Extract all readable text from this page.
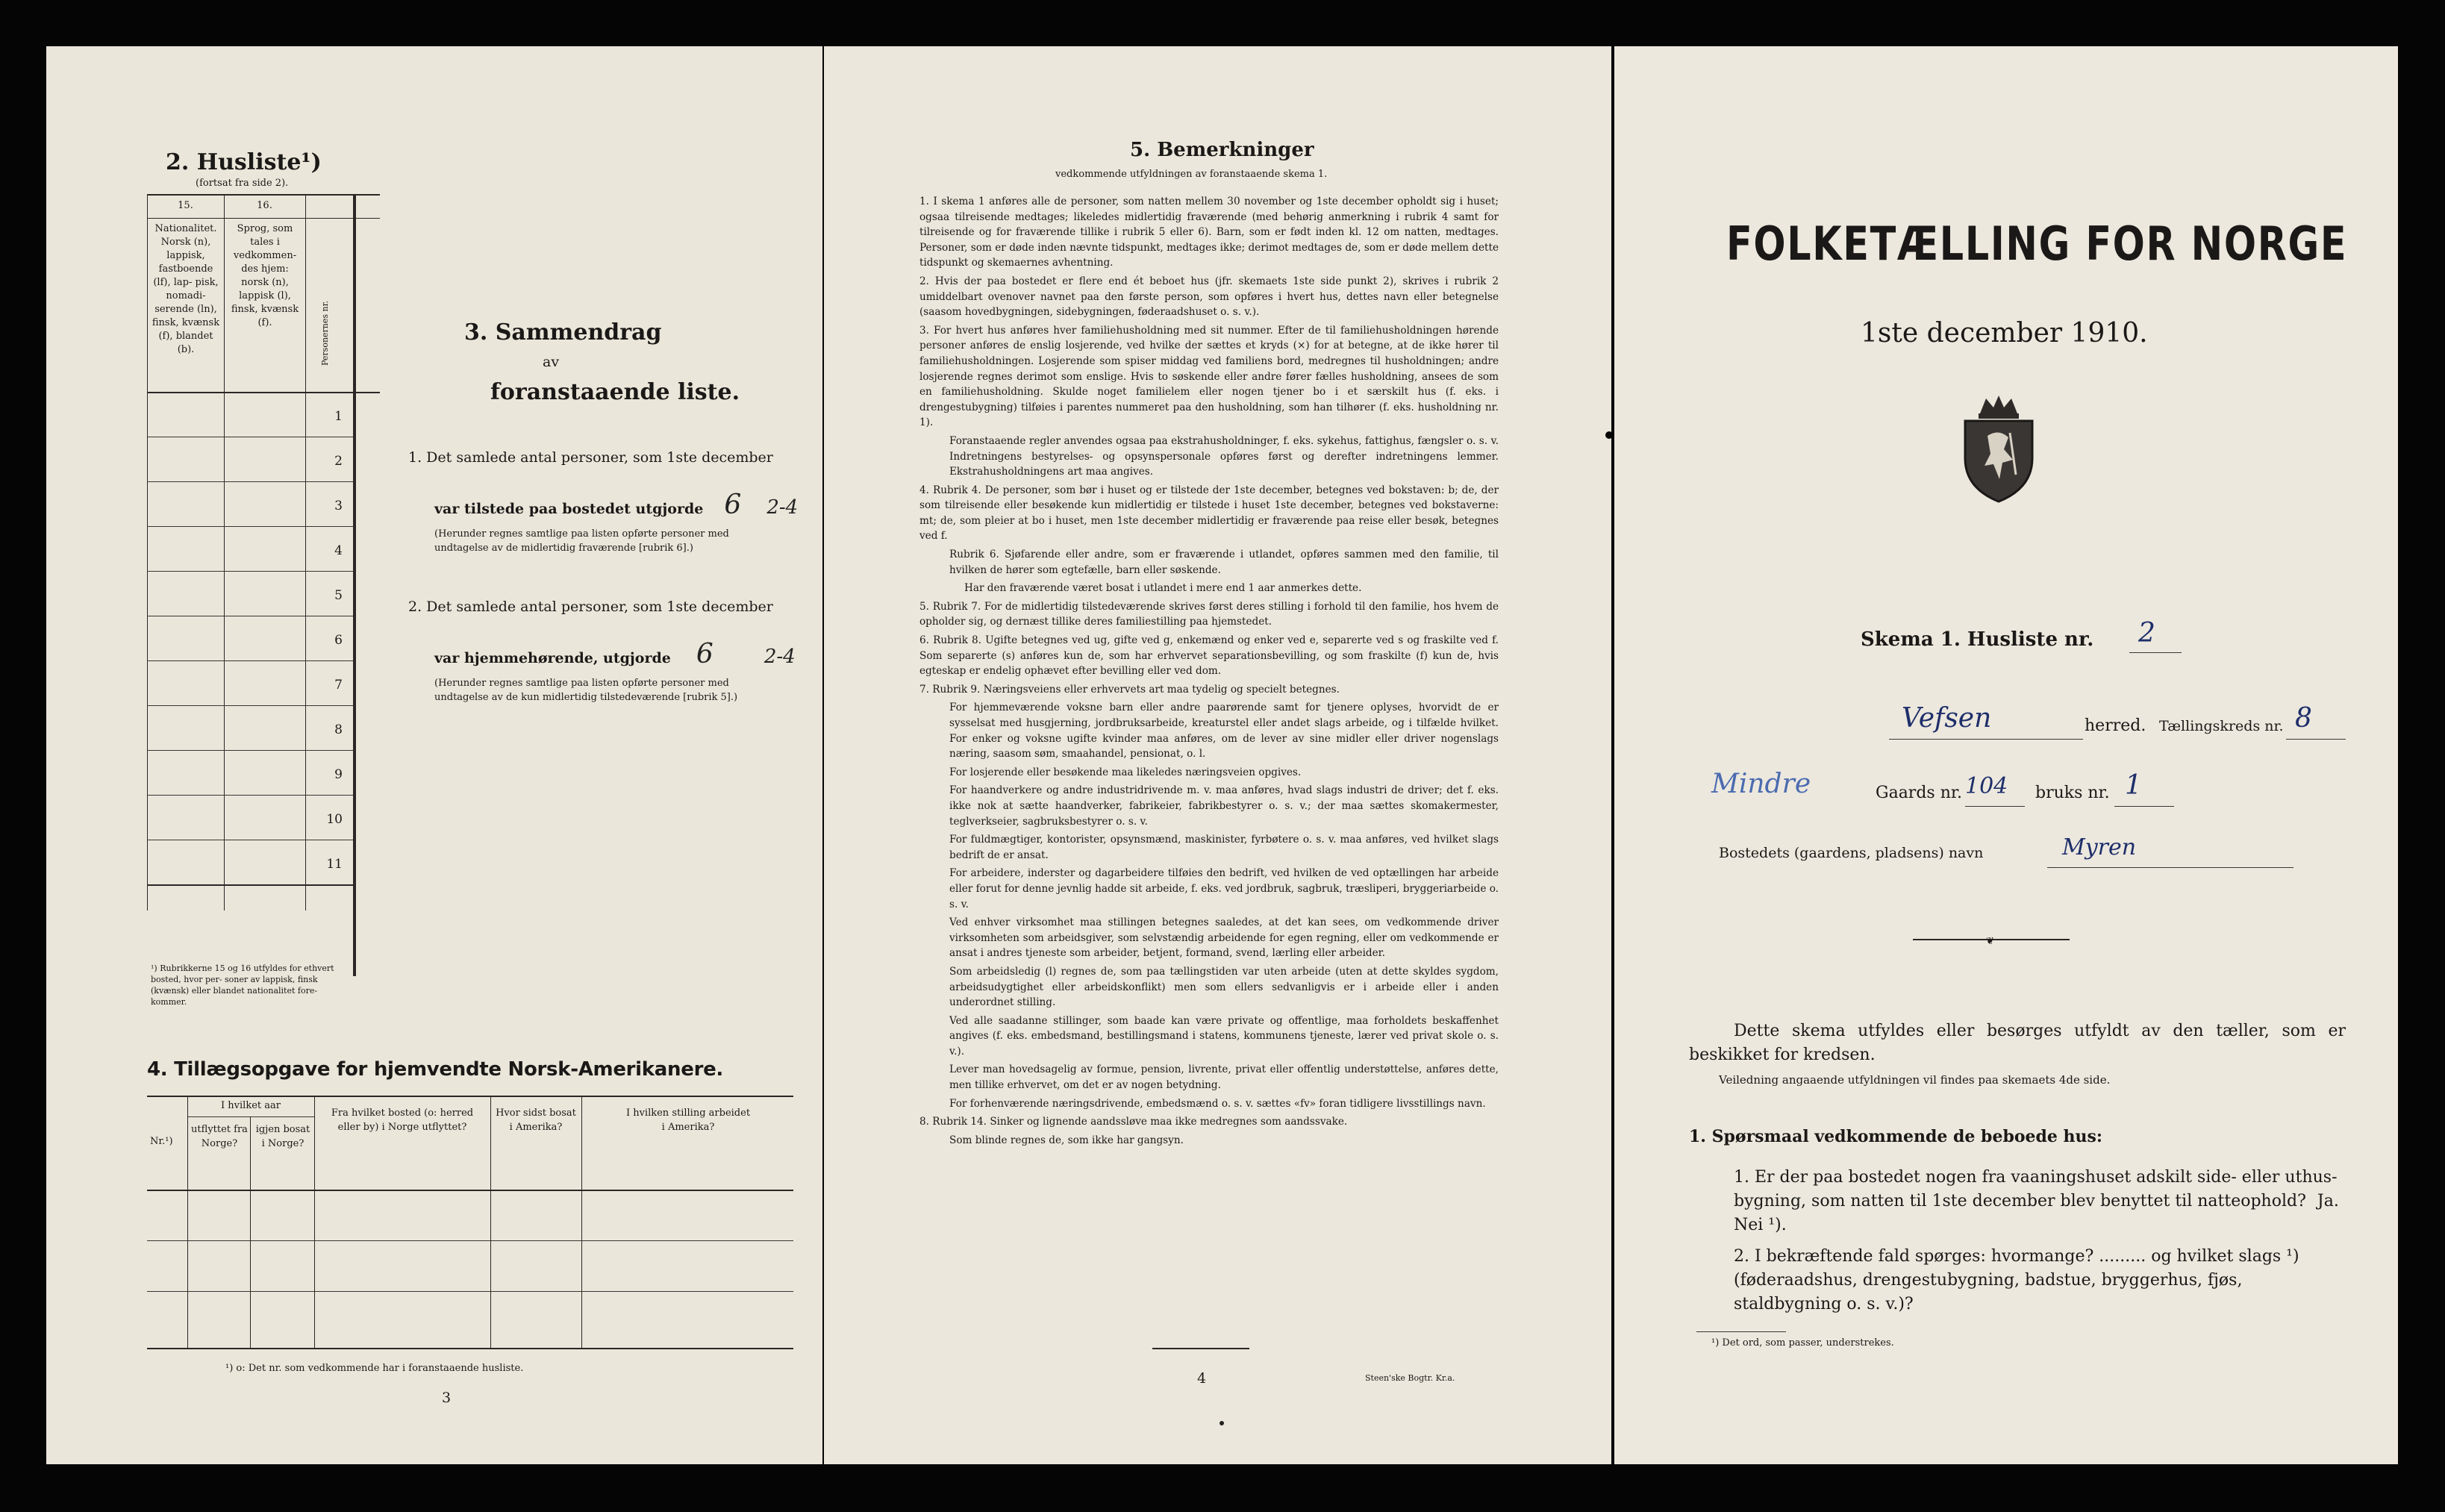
2. Husliste¹)
(fortsat fra side 2).
15.	16.
Nationalitet. Norsk (n), lappisk, fastboende (lf), lap- pisk, nomadi- serende (ln), finsk, kvænsk (f), blandet (b).
Sprog, som tales i vedkommen- des hjem: norsk (n), lappisk (l), finsk, kvænsk (f).	Personernes nr.
1
2
3
4
5
6
7
8
9
10
11
¹) Rubrikkerne 15 og 16 utfyldes for ethvert bosted, hvor per- soner av lappisk, finsk (kvænsk) eller blandet nationalitet fore- kommer.
3. Sammendrag
av
foranstaaende liste.
1. Det samlede antal personer, som 1ste december
var tilstede paa bostedet utgjorde 6 2-4
(Herunder regnes samtlige paa listen opførte personer med undtagelse av de midlertidig fraværende [rubrik 6].)
2. Det samlede antal personer, som 1ste december
var hjemmehørende, utgjorde 6	2-4
(Herunder regnes samtlige paa listen opførte personer med undtagelse av de kun midlertidig tilstedeværende [rubrik 5].)
4. Tillægsopgave for hjemvendte Norsk-Amerikanere.
Nr.¹)
I hvilket aar
utflyttet fra Norge?
igjen bosat i Norge?
Fra hvilket bosted (o: herred eller by) i Norge utflyttet?
Hvor sidst bosat i Amerika?
I hvilken stilling arbeidet i Amerika?
¹) o: Det nr. som vedkommende har i foranstaaende husliste.
3
5. Bemerkninger
vedkommende utfyldningen av foranstaaende skema 1.

1. I skema 1 anføres alle de personer, som natten mellem 30 november og 1ste december opholdt sig i huset; ogsaa tilreisende medtages; likeledes midlertidig fraværende (med behørig anmerkning i rubrik 4 samt for tilreisende og for fraværende tillike i rubrik 5 eller 6). Barn, som er født inden kl. 12 om natten, medtages. Personer, som er døde inden nævnte tidspunkt, medtages ikke; derimot medtages de, som er døde mellem dette tidspunkt og skemaernes avhentning.

2. Hvis der paa bostedet er flere end ét beboet hus (jfr. skemaets 1ste side punkt 2), skrives i rubrik 2 umiddelbart ovenover navnet paa den første person, som opføres i hvert hus, dettes navn eller betegnelse (saasom hovedbygningen, sidebygningen, føderaadshuset o. s. v.).

3. For hvert hus anføres hver familiehusholdning med sit nummer. Efter de til familiehusholdningen hørende personer anføres de enslig losjerende, ved hvilke der sættes et kryds (×) for at betegne, at de ikke hører til familiehusholdningen. Losjerende som spiser middag ved familiens bord, medregnes til husholdningen; andre losjerende regnes derimot som enslige. Hvis to søskende eller andre fører fælles husholdning, ansees de som en familiehusholdning. Skulde noget familielem eller nogen tjener bo i et særskilt hus (f. eks. i drengestubygning) tilføies i parentes nummeret paa den husholdning, som han tilhører (f. eks. husholdning nr. 1).

Foranstaaende regler anvendes ogsaa paa ekstrahusholdninger, f. eks. sykehus, fattighus, fængsler o. s. v. Indretningens bestyrelses- og opsynspersonale opføres først og derefter indretningens lemmer. Ekstrahusholdningens art maa angives.

4. Rubrik 4. De personer, som bør i huset og er tilstede der 1ste december, betegnes ved bokstaven: b; de, der som tilreisende eller besøkende kun midlertidig er tilstede i huset 1ste december, betegnes ved bokstaverne: mt; de, som pleier at bo i huset, men 1ste december midlertidig er fraværende paa reise eller besøk, betegnes ved f.

Rubrik 6. Sjøfarende eller andre, som er fraværende i utlandet, opføres sammen med den familie, til hvilken de hører som egtefælle, barn eller søskende.

Har den fraværende været bosat i utlandet i mere end 1 aar anmerkes dette.

5. Rubrik 7. For de midlertidig tilstedeværende skrives først deres stilling i forhold til den familie, hos hvem de opholder sig, og dernæst tillike deres familiestilling paa hjemstedet.

6. Rubrik 8. Ugifte betegnes ved ug, gifte ved g, enkemænd og enker ved e, separerte ved s og fraskilte ved f. Som separerte (s) anføres kun de, som har erhvervet separationsbevilling, og som fraskilte (f) kun de, hvis egteskap er endelig ophævet efter bevilling eller ved dom.

7. Rubrik 9. Næringsveiens eller erhvervets art maa tydelig og specielt betegnes.

For hjemmeværende voksne barn eller andre paarørende samt for tjenere oplyses, hvorvidt de er sysselsat med husgjerning, jordbruksarbeide, kreaturstel eller andet slags arbeide, og i tilfælde hvilket. For enker og voksne ugifte kvinder maa anføres, om de lever av sine midler eller driver nogenslags næring, saasom søm, smaahandel, pensionat, o. l.

For losjerende eller besøkende maa likeledes næringsveien opgives.

For haandverkere og andre industridrivende m. v. maa anføres, hvad slags industri de driver; det f. eks. ikke nok at sætte haandverker, fabrikeier, fabrikbestyrer o. s. v.; der maa sættes skomakermester, teglverkseier, sagbruksbestyrer o. s. v.

For fuldmægtiger, kontorister, opsynsmænd, maskinister, fyrbøtere o. s. v. maa anføres, ved hvilket slags bedrift de er ansat.

For arbeidere, inderster og dagarbeidere tilføies den bedrift, ved hvilken de ved optællingen har arbeide eller forut for denne jevnlig hadde sit arbeide, f. eks. ved jordbruk, sagbruk, træsliperi, bryggeriarbeide o. s. v.

Ved enhver virksomhet maa stillingen betegnes saaledes, at det kan sees, om vedkommende driver virksomheten som arbeidsgiver, som selvstændig arbeidende for egen regning, eller om vedkommende er ansat i andres tjeneste som arbeider, betjent, formand, svend, lærling eller arbeider.

Som arbeidsledig (l) regnes de, som paa tællingstiden var uten arbeide (uten at dette skyldes sygdom, arbeidsudygtighet eller arbeidskonflikt) men som ellers sedvanligvis er i arbeide eller i anden underordnet stilling.

Ved alle saadanne stillinger, som baade kan være private og offentlige, maa forholdets beskaffenhet angives (f. eks. embedsmand, bestillingsmand i statens, kommunens tjeneste, lærer ved privat skole o. s. v.).

Lever man hovedsagelig av formue, pension, livrente, privat eller offentlig understøttelse, anføres dette, men tillike erhvervet, om det er av nogen betydning.

For forhenværende næringsdrivende, embedsmænd o. s. v. sættes «fv» foran tidligere livsstillings navn.

8. Rubrik 14. Sinker og lignende aandssløve maa ikke medregnes som aandssvake.

Som blinde regnes de, som ikke har gangsyn.

4	Steen'ske Bogtr. Kr.a.
FOLKETÆLLING FOR NORGE
1ste december 1910.
Skema 1. Husliste nr. 2
Vefsen	herred. Tællingskreds nr. 8
Mindre	Gaards nr. 104 bruks nr. 1
Bostedets (gaardens, pladsens) navn	Myren
❦
Dette skema utfyldes eller besørges utfyldt av den tæller, som er beskikket for kredsen.
Veiledning angaaende utfyldningen vil findes paa skemaets 4de side.
1. Spørsmaal vedkommende de beboede hus:
1. Er der paa bostedet nogen fra vaaningshuset adskilt side- eller uthus-bygning, som natten til 1ste december blev benyttet til natteophold? Ja. Nei ¹).
2. I bekræftende fald spørges: hvormange? ......... og hvilket slags ¹) (føderaadshus, drengestubygning, badstue, bryggerhus, fjøs, staldbygning o. s. v.)?
¹) Det ord, som passer, understrekes.
